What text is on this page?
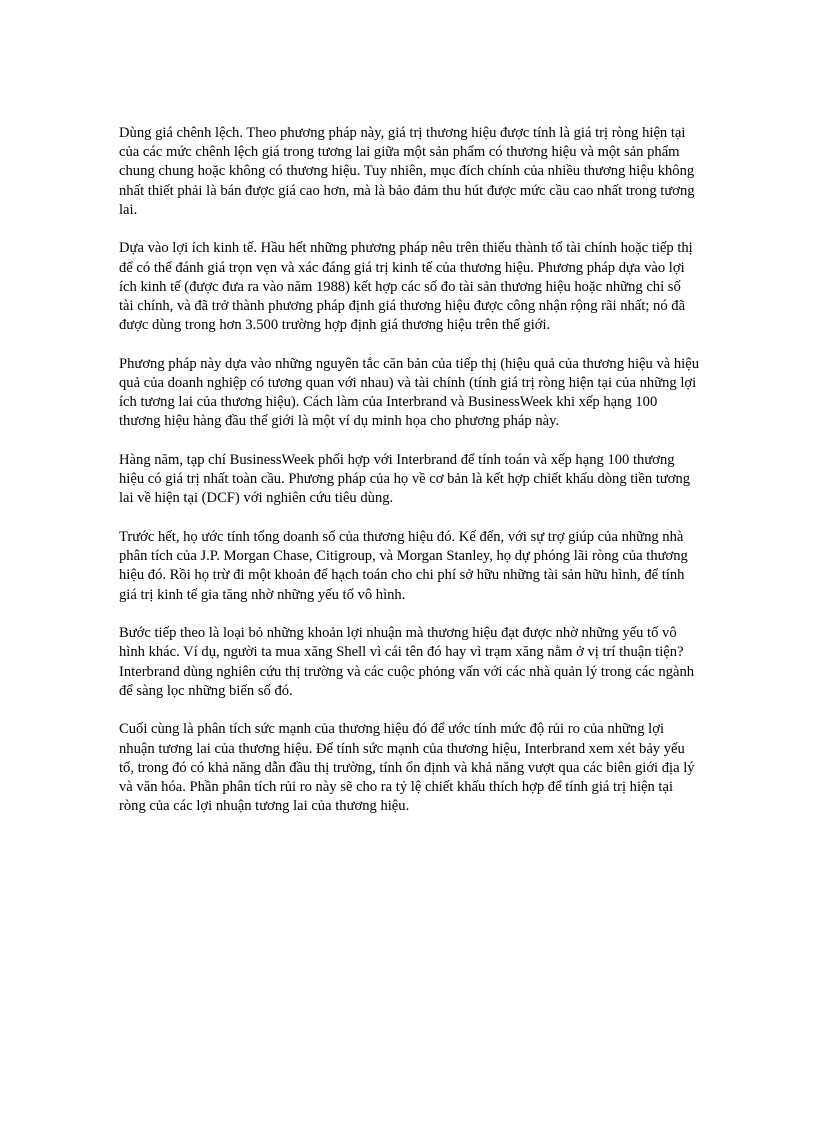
Dùng giá chênh lệch. Theo phương pháp này, giá trị thương hiệu được tính là giá trị ròng hiện tại của các mức chênh lệch giá trong tương lai giữa một sản phẩm có thương hiệu và một sản phẩm chung chung hoặc không có thương hiệu. Tuy nhiên, mục đích chính của nhiều thương hiệu không nhất thiết phải là bán được giá cao hơn, mà là bảo đảm thu hút được mức cầu cao nhất trong tương lai.

Dựa vào lợi ích kinh tế. Hầu hết những phương pháp nêu trên thiếu thành tố tài chính hoặc tiếp thị để có thể đánh giá trọn vẹn và xác đáng giá trị kinh tế của thương hiệu. Phương pháp dựa vào lợi ích kinh tế (được đưa ra vào năm 1988) kết hợp các số đo tài sản thương hiệu hoặc những chỉ số tài chính, và đã trở thành phương pháp định giá thương hiệu được công nhận rộng rãi nhất; nó đã được dùng trong hơn 3.500 trường hợp định giá thương hiệu trên thế giới.

Phương pháp này dựa vào những nguyên tắc căn bản của tiếp thị (hiệu quả của thương hiệu và hiệu quả của doanh nghiệp có tương quan với nhau) và tài chính (tính giá trị ròng hiện tại của những lợi ích tương lai của thương hiệu). Cách làm của Interbrand và BusinessWeek khi xếp hạng 100 thương hiệu hàng đầu thế giới là một ví dụ minh họa cho phương pháp này.

Hàng năm, tạp chí BusinessWeek phối hợp với Interbrand để tính toán và xếp hạng 100 thương hiệu có giá trị nhất toàn cầu. Phương pháp của họ về cơ bản là kết hợp chiết khấu dòng tiền tương lai về hiện tại (DCF) với nghiên cứu tiêu dùng.

Trước hết, họ ước tính tổng doanh số của thương hiệu đó. Kế đến, với sự trợ giúp của những nhà phân tích của J.P. Morgan Chase, Citigroup, và Morgan Stanley, họ dự phóng lãi ròng của thương hiệu đó. Rồi họ trừ đi một khoản để hạch toán cho chi phí sở hữu những tài sản hữu hình, để tính giá trị kinh tế gia tăng nhờ những yếu tố vô hình.

Bước tiếp theo là loại bỏ những khoản lợi nhuận mà thương hiệu đạt được nhờ những yếu tố vô hình khác. Ví dụ, người ta mua xăng Shell vì cái tên đó hay vì trạm xăng nằm ở vị trí thuận tiện? Interbrand dùng nghiên cứu thị trường và các cuộc phỏng vấn với các nhà quản lý trong các ngành để sàng lọc những biến số đó.

Cuối cùng là phân tích sức mạnh của thương hiệu đó để ước tính mức độ rủi ro của những lợi nhuận tương lai của thương hiệu. Để tính sức mạnh của thương hiệu, Interbrand xem xét bảy yếu tố, trong đó có khả năng dẫn đầu thị trường, tính ổn định và khả năng vượt qua các biên giới địa lý và văn hóa. Phần phân tích rủi ro này sẽ cho ra tỷ lệ chiết khấu thích hợp để tính giá trị hiện tại ròng của các lợi nhuận tương lai của thương hiệu.
